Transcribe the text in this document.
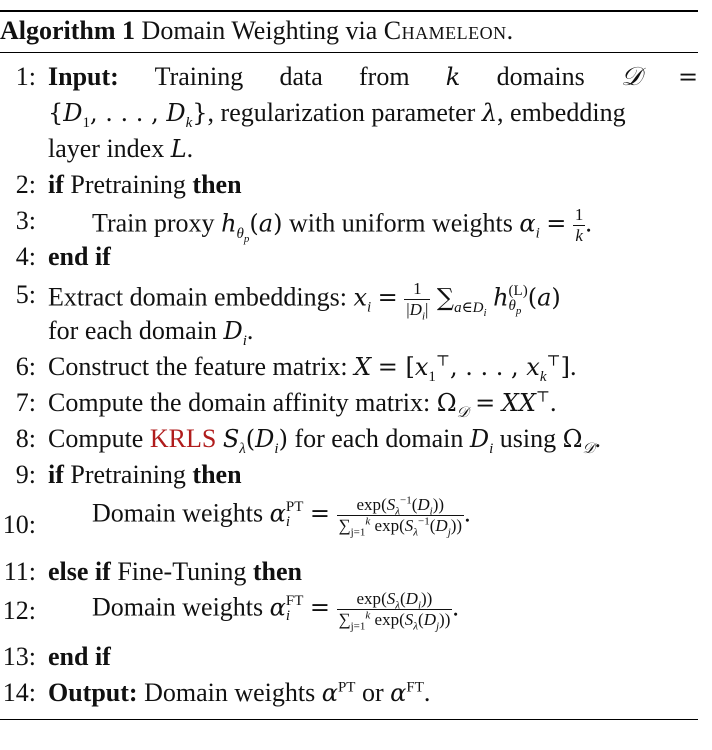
Algorithm 1 Domain Weighting via Chameleon.
1:
2:
3:
4:
5:
6:
7:
8:
9:
10:
11:
12:
13:
14:
Input: Training data from k domains 𝒟 =
{$D_1$, . . . , $D_k$}, regularization parameter λ, embedding
layer index L.
if Pretraining then
Train proxy $h_{\theta_p}(a)$ with uniform weights $\alpha_i = \frac{1}{k}$ .
end if
Extract domain embeddings: $x_i = \frac{1}{|D_i|} \sum_{a\in D_i}$ h (L)
$\theta_p$
(a)
for each domain $D_i$.
Construct the feature matrix: $X = [x_1^⊤$, . . . , $x_k^⊤$].
Compute the domain affinity matrix: $\Omega_𝒟 = XX^⊤$.
Compute KRLS $S_\lambda(D_i)$ for each domain $D_i$ using $\Omega_𝒟$.
if Pretraining then
Domain weights α PT
$i = \frac{\exp(S_\lambda^{-1}(D_i))}{\sum_{j=1}^k \exp(S_\lambda^{-1}(D_j))}$ .
else if Fine-Tuning then
Domain weights α FT
$i = \frac{\exp(S_\lambda(D_i))}{\sum_{j=1}^k \exp(S_\lambda(D_j))}$ .
end if
Output: Domain weights $\alpha^{PT}$ or $\alpha^{FT}$.
